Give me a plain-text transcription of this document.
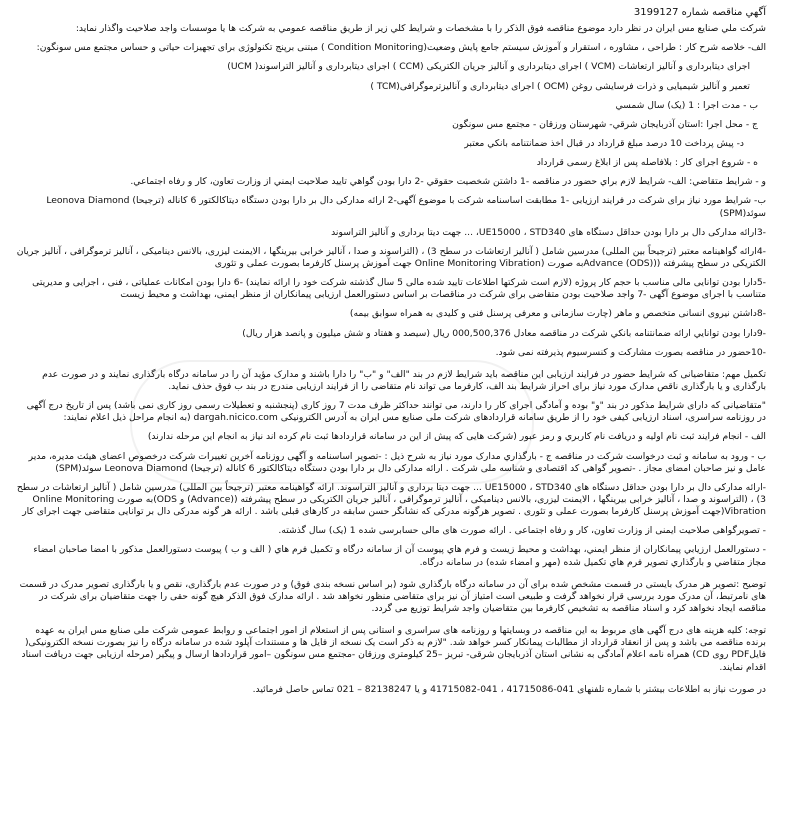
آگهي مناقصه شماره 3199127

شرکت ملي صنايع مس ايران در نظر دارد موضوع مناقصه فوق الذکر را با مشخصات و شرايط كلي زير از طريق مناقصه عمومي به شرکت ها يا موسسات واجد صلاحيت واگذار نمايد:

الف- خلاصه شرح کار : طراحی ، مشاوره ، استقرار و آموزش سیستم جامع پایش وضعیت(Condition Monitoring ) مبتنی برپنج تکنولوژی برای تجهیزات حیاتی و حساس مجتمع مس سونگون:

اجرای دیتابرداری و آنالیز ارتعاشات (VCM ) اجرای دیتابرداری و آنالیز جریان الکتریکی (CCM ) اجرای دیتابرداری و آنالیز التراسوند( UCM)

تعمیر و آنالیز شیمیایی و ذرات فرسایشی روغن (OCM ) اجرای دیتابرداری و آنالیزترموگرافی(TCM )

ب - مدت اجرا : 1 (یک) سال شمسي

ج - محل اجرا :استان آذربايجان شرقي- شهرستان ورزقان - مجتمع مس سونگون

د- پيش پرداخت 10 درصد مبلغ قرارداد در قبال اخذ ضمانتنامه بانکي معتبر

ه - شروع اجرای کار : بلافاصله پس از ابلاغ رسمی قرارداد

و - شرايط متقاضي: الف- شرايط لازم براي حضور در مناقصه -1 داشتن شخصيت حقوقي -2 دارا بودن گواهي تاييد صلاحيت ايمني از وزارت تعاون، کار و رفاه اجتماعي.

ب- شرایط مورد نیاز برای شرکت در فرایند ارزیابی -1 مطابقت اساسنامه شرکت با موضوع آگهی-2 ارائه مدارکی دال بر دارا بودن دستگاه دیتاکالکتور 6 کاناله (ترجیحا) Leonova Diamond سوئد(SPM)

-3ارائه مدارکی دال بر دارا بودن حداقل دستگاه های UE15000 ، STD340، ... جهت دیتا برداری و آنالیز التراسوند

-4ارائه گواهینامه معتبر (ترجیحاً بین المللی) مدرسین شامل ( آنالیز ارتعاشات در سطح 3) ، (التراسوند و صدا ، آنالیز خرابی بیرینگها ، الایمنت لیزری، بالانس دینامیکی ، آنالیز ترموگرافی ، آنالیز جریان الکتریکی در سطح پیشرفته ((Advance (ODS)به صورت (Online Monitoring Vibration جهت آموزش پرسنل کارفرما بصورت عملی و تئوری

-5دارا بودن توانایی مالی مناسب با حجم کار پروژه (لازم است شرکتها اطلاعات تایید شده مالی 5 سال گذشته شرکت خود را ارائه نمایند) -6 دارا بودن امکانات عملیاتی ، فنی ، اجرایی و مدیریتی متناسب با اجرای موضوع آگهی -7 واجد صلاحیت بودن متقاضی برای شرکت در مناقصات بر اساس دستورالعمل ارزیابی پیمانکاران از منظر ایمنی، بهداشت و محیط زیست

-8داشتن نیروی انسانی متخصص و ماهر (چارت سازمانی و معرفی پرسنل فنی و کلیدی به همراه سوابق بیمه)

-9دارا بودن توانايي ارائه ضمانتنامه بانکي شرکت در مناقصه معادل 000,500,376 ريال (سيصد و هفتاد و شش ميليون و پانصد هزار ريال)

-10حضور در مناقصه بصورت مشارکت و کنسرسیوم پذیرفته نمی شود.

تکمیل مهم: متقاضیانی که شرایط حضور در فرایند ارزیابی این مناقصه باید شرایط لازم در بند "الف" و "ب" را دارا باشند و مدارک مؤید آن را در سامانه درگاه بارگذاری نمایند و در صورت عدم بارگذاری و یا بارگذاری ناقص مدارک مورد نیاز برای احراز شرایط بند الف، کارفرما می تواند نام متقاضی را از فرایند ارزیابی مندرج در بند ب فوق حذف نماید.

"متقاضیانی که دارای شرایط مذکور در بند "و" بوده و آمادگی اجرای کار را دارند، می توانند حداکثر ظرف مدت 7 روز کاری (پنجشنبه و تعطیلات رسمی روز کاری نمی باشد) پس از تاریخ درج آگهی در روزنامه سراسری، اسناد ارزیابی کیفی خود را از طریق سامانه قراردادهای شرکت ملی صنایع مس ایران به آدرس الکترونیکی dargah.nicico.com (به انجام مراحل ذیل اعلام نمایند:

الف - انجام فرايند ثبت نام اوليه و دريافت نام كاربري و رمز عبور (شرکت هایی که پیش از این در سامانه قراردادها ثبت نام کرده اند نیاز به انجام این مرحله ندارند)

ب - ورود به سامانه و ثبت درخواست شرکت در مناقصه ج - بارگذاري مدارک مورد نياز به شرح ذيل : -تصویر اساسنامه و آگهی روزنامه آخرین تغییرات شرکت درخصوص اعضای هیئت مدیره، مدیر عامل و نیز صاحبان امضای مجاز . -تصویر گواهی کد اقتصادی و شناسه ملی شرکت . ارائه مدارکی دال بر دارا بودن دستگاه دیتاکالکتور 6 کاناله (ترجیحا) Leonova Diamond سوئد(SPM)

-ارائه مدارکی دال بر دارا بودن حداقل دستگاه های UE15000 ، STD340 ... جهت دیتا برداری و آنالیز التراسوند. ارائه گواهینامه معتبر (ترجیحاً بین المللی) مدرسین شامل ( آنالیز ارتعاشات در سطح 3) ، (التراسوند و صدا ، آنالیز خرابی بیرینگها ، الایمنت لیزری، بالانس دینامیکی ، آنالیز ترموگرافی ، آنالیز جریان الکتریکی در سطح پیشرفته ((Advance) و ODS)به صورت Online Monitoring Vibration(جهت آموزش پرسنل کارفرما بصورت عملی و تئوری . تصویر هرگونه مدرکی که نشانگر حسن سابقه در کارهای قبلی باشد . ارائه هر گونه مدرکی دال بر توانایی متقاضی جهت اجرای کار

- تصویرگواهی صلاحیت ایمنی از وزارت تعاون، کار و رفاه اجتماعی . ارائه صورت های مالی حسابرسی شده 1 (یک) سال گذشته.

- دستورالعمل ارزيابي پيمانکاران از منظر ايمني، بهداشت و محيط زيست و فرم هاي پيوست آن از سامانه درگاه و تکميل فرم هاي ( الف و ب ) پيوست دستورالعمل مذکور با امضا صاحبان امضاء مجاز متقاضي و بارگذاري تصوير فرم هاي تکميل شده (مهر و امضاء شده) در سامانه درگاه.

توضیح :تصویر هر مدرک بایستی در قسمت مشخص شده برای آن در سامانه درگاه بارگذاری شود (بر اساس نسخه بندی فوق) و در صورت عدم بارگذاری، نقص و یا بارگذاری تصویر مدرک در قسمت های نامرتبط، آن مدرک مورد بررسی قرار نخواهد گرفت و طبیعی است امتیاز آن نیز برای متقاضی منظور نخواهد شد . ارائه مدارک فوق الذکر هیچ گونه حقی را جهت متقاضیان برای شرکت در مناقصه ایجاد نخواهد کرد و اسناد مناقصه به تشخیص کارفرما بین متقاضیان واجد شرایط توزیع می گردد.

توجه: کلیه هزینه های درج آگهی های مربوط به این مناقصه در وبسایتها و روزنامه های سراسری و استانی پس از استعلام از امور اجتماعی و روابط عمومی شرکت ملی صنایع مس ایران به عهده برنده مناقصه می باشد و پس از انعقاد قرارداد از مطالبات پیمانکار کسر خواهد شد. "لازم به ذکر است یک نسخه از فایل ها و مستندات آپلود شده در سامانه درگاه را نیز بصورت نسخه الکترونیکی( فایلPDF روی CD) همراه نامه اعلام آمادگی به نشانی استان آذربایجان شرقی- تبریز –25 کیلومتری ورزقان -مجتمع مس سونگون –امور قراردادها ارسال و پیگیر (مرحله ارزیابی جهت دریافت اسناد اقدام نمایند.

در صورت نياز به اطلاعات بیشتر با شماره تلفنهای 041-41715086 ، 041-41715082 و يا 82138247 – 021 تماس حاصل فرمائيد.
